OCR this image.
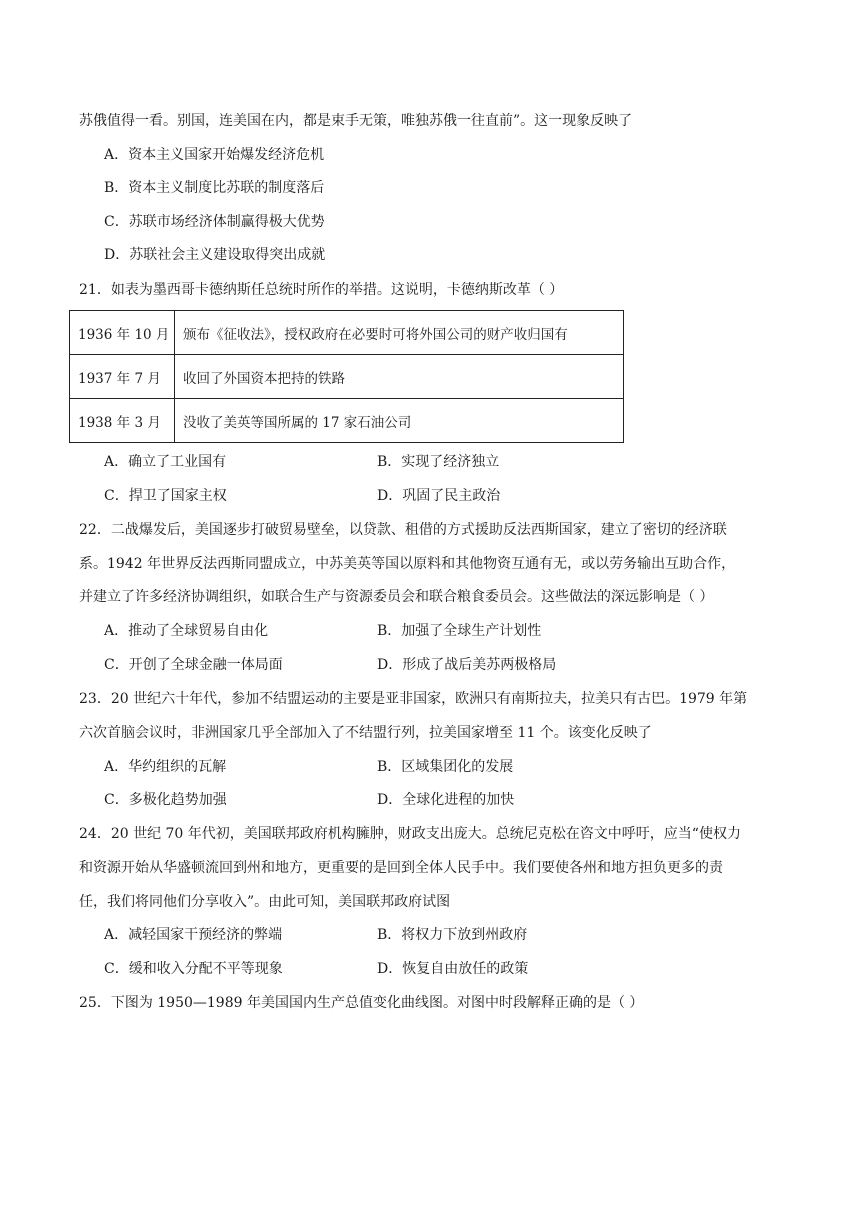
苏俄值得一看。别国，连美国在内，都是束手无策，唯独苏俄一往直前”。这一现象反映了
A．资本主义国家开始爆发经济危机
B．资本主义制度比苏联的制度落后
C．苏联市场经济体制赢得极大优势
D．苏联社会主义建设取得突出成就
21．如表为墨西哥卡德纳斯任总统时所作的举措。这说明，卡德纳斯改革（ ）
1936 年 10 月	颁布《征收法》，授权政府在必要时可将外国公司的财产收归国有
1937 年 7 月	收回了外国资本把持的铁路
1938 年 3 月	没收了美英等国所属的 17 家石油公司
A．确立了工业国有	B．实现了经济独立
C．捍卫了国家主权	D．巩固了民主政治
22．二战爆发后，美国逐步打破贸易壁垒，以贷款、租借的方式援助反法西斯国家，建立了密切的经济联
系。1942 年世界反法西斯同盟成立，中苏美英等国以原料和其他物资互通有无，或以劳务输出互助合作，
并建立了许多经济协调组织，如联合生产与资源委员会和联合粮食委员会。这些做法的深远影响是（ ）
A．推动了全球贸易自由化	B．加强了全球生产计划性
C．开创了全球金融一体局面	D．形成了战后美苏两极格局
23．20 世纪六十年代，参加不结盟运动的主要是亚非国家，欧洲只有南斯拉夫，拉美只有古巴。1979 年第
六次首脑会议时，非洲国家几乎全部加入了不结盟行列，拉美国家增至 11 个。该变化反映了
A．华约组织的瓦解	B．区域集团化的发展
C．多极化趋势加强	D．全球化进程的加快
24．20 世纪 70 年代初，美国联邦政府机构臃肿，财政支出庞大。总统尼克松在咨文中呼吁，应当“使权力
和资源开始从华盛顿流回到州和地方，更重要的是回到全体人民手中。我们要使各州和地方担负更多的责
任，我们将同他们分享收入”。由此可知，美国联邦政府试图
A．减轻国家干预经济的弊端	B．将权力下放到州政府
C．缓和收入分配不平等现象	D．恢复自由放任的政策
25．下图为 1950—1989 年美国国内生产总值变化曲线图。对图中时段解释正确的是（ ）
